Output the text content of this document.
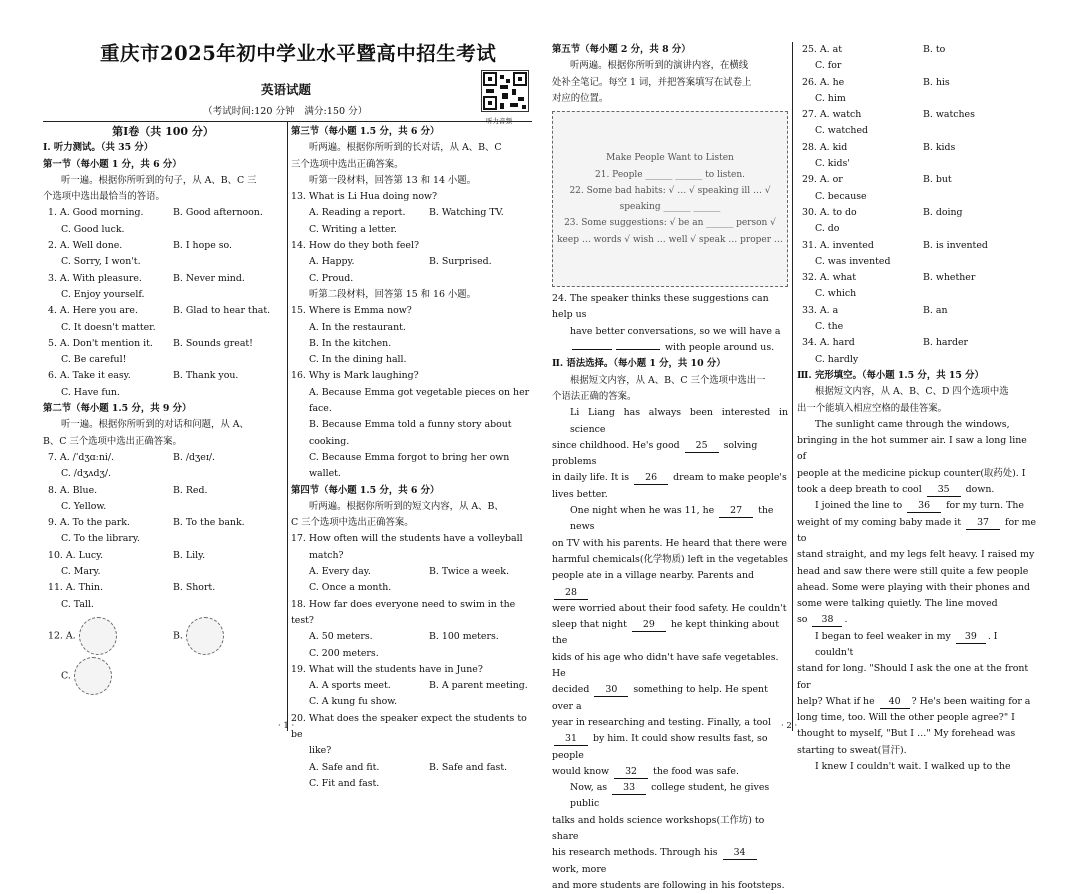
重庆市2025年初中学业水平暨高中招生考试
英语试题
（考试时间:120 分钟　满分:150 分）
听力音频
第Ⅰ卷（共 100 分）
Ⅰ. 听力测试。（共 35 分）
第一节（每小题 1 分，共 6 分）
听一遍。根据你所听到的句子，从 A、B、C 三
个选项中选出最恰当的答语。
1. A. Good morning.	B. Good afternoon.
C. Good luck.
2. A. Well done.	B. I hope so.
C. Sorry, I won't.
3. A. With pleasure.	B. Never mind.
C. Enjoy yourself.
4. A. Here you are.	B. Glad to hear that.
C. It doesn't matter.
5. A. Don't mention it.	B. Sounds great!
C. Be careful!
6. A. Take it easy.	B. Thank you.
C. Have fun.
第二节（每小题 1.5 分，共 9 分）
听一遍。根据你所听到的对话和问题，从 A、
B、C 三个选项中选出正确答案。
7. A. /ˈdʒɑːni/.	B. /dʒeɪ/.
C. /dʒʌdʒ/.
8. A. Blue.	B. Red.
C. Yellow.
9. A. To the park.	B. To the bank.
C. To the library.
10. A. Lucy.	B. Lily.
C. Mary.
11. A. Thin.	B. Short.
C. Tall.
12. A.	B.
C.
第三节（每小题 1.5 分，共 6 分）
听两遍。根据你所听到的长对话，从 A、B、C
三个选项中选出正确答案。
听第一段材料，回答第 13 和 14 小题。
13. What is Li Hua doing now?
A. Reading a report.	B. Watching TV.
C. Writing a letter.
14. How do they both feel?
A. Happy.	B. Surprised.
C. Proud.
听第二段材料，回答第 15 和 16 小题。
15. Where is Emma now?
A. In the restaurant.
B. In the kitchen.
C. In the dining hall.
16. Why is Mark laughing?
A. Because Emma got vegetable pieces on her face.
B. Because Emma told a funny story about cooking.
C. Because Emma forgot to bring her own wallet.
第四节（每小题 1.5 分，共 6 分）
听两遍。根据你所听到的短文内容，从 A、B、
C 三个选项中选出正确答案。
17. How often will the students have a volleyball
match?
A. Every day.	B. Twice a week.
C. Once a month.
18. How far does everyone need to swim in the test?
A. 50 meters.	B. 100 meters.
C. 200 meters.
19. What will the students have in June?
A. A sports meet.	B. A parent meeting.
C. A kung fu show.
20. What does the speaker expect the students to be
like?
A. Safe and fit.	B. Safe and fast.
C. Fit and fast.
第五节（每小题 2 分，共 8 分）
听两遍。根据你所听到的演讲内容，在横线
处补全笔记。每空 1 词，并把答案填写在试卷上
对应的位置。
Make People Want to Listen
21. People ______ ______ to listen.
22. Some bad habits: √ … √ speaking ill … √ speaking ______ ______
23. Some suggestions: √ be an ______ person √ keep … words √ wish … well √ speak … proper …
24. The speaker thinks these suggestions can help us
have better conversations, so we will have a
with people around us.
Ⅱ. 语法选择。（每小题 1 分，共 10 分）
根据短文内容，从 A、B、C 三个选项中选出一
个语法正确的答案。
Li Liang has always been interested in science
since childhood. He's good 25 solving problems
in daily life. It is 26 dream to make people's
lives better.
One night when he was 11, he 27 the news
on TV with his parents. He heard that there were
harmful chemicals(化学物质) left in the vegetables
people ate in a village nearby. Parents and 28
were worried about their food safety. He couldn't
sleep that night 29 he kept thinking about the
kids of his age who didn't have safe vegetables. He
decided 30 something to help. He spent over a
year in researching and testing. Finally, a tool
31 by him. It could show results fast, so people
would know 32 the food was safe.
Now, as 33 college student, he gives public
talks and holds science workshops(工作坊) to share
his research methods. Through his 34 work, more
and more students are following in his footsteps.
25. A. at	B. to
C. for
26. A. he	B. his
C. him
27. A. watch	B. watches
C. watched
28. A. kid	B. kids
C. kids'
29. A. or	B. but
C. because
30. A. to do	B. doing
C. do
31. A. invented	B. is invented
C. was invented
32. A. what	B. whether
C. which
33. A. a	B. an
C. the
34. A. hard	B. harder
C. hardly
Ⅲ. 完形填空。（每小题 1.5 分，共 15 分）
根据短文内容，从 A、B、C、D 四个选项中选
出一个能填入相应空格的最佳答案。
The sunlight came through the windows,
bringing in the hot summer air. I saw a long line of
people at the medicine pickup counter(取药处). I
took a deep breath to cool 35 down.
I joined the line to 36 for my turn. The
weight of my coming baby made it 37 for me to
stand straight, and my legs felt heavy. I raised my
head and saw there were still quite a few people
ahead. Some were playing with their phones and
some were talking quietly. The line moved
so 38 .
I began to feel weaker in my 39 . I couldn't
stand for long. "Should I ask the one at the front for
help? What if he 40 ? He's been waiting for a
long time, too. Will the other people agree?" I
thought to myself, "But I …" My forehead was
starting to sweat(冒汗).
I knew I couldn't wait. I walked up to the
· 1 ·	· 2 ·
